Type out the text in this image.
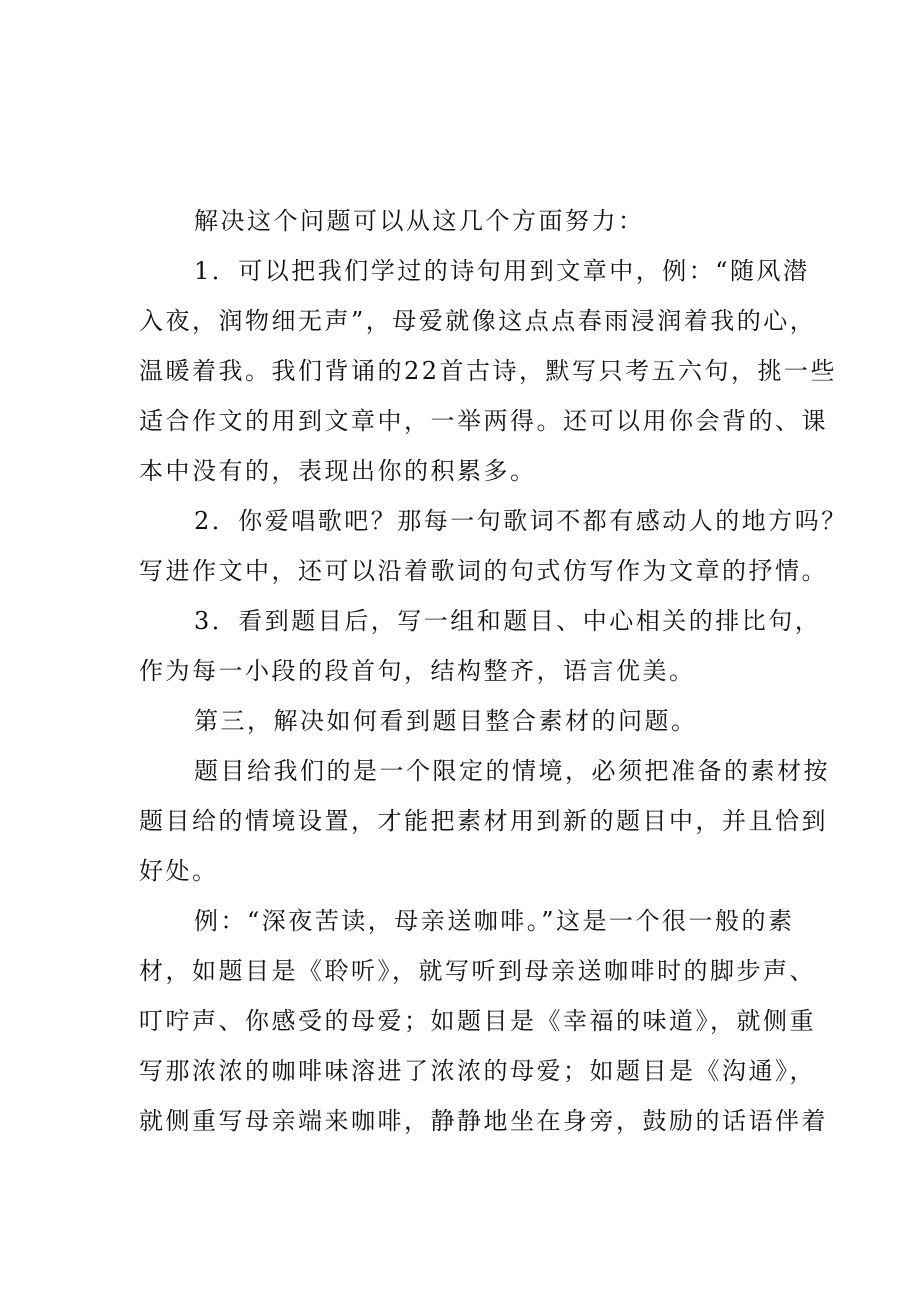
解决这个问题可以从这几个方面努力：

1．可以把我们学过的诗句用到文章中，例：“随风潜
入夜，润物细无声”，母爱就像这点点春雨浸润着我的心，
温暖着我。我们背诵的22首古诗，默写只考五六句，挑一些
适合作文的用到文章中，一举两得。还可以用你会背的、课
本中没有的，表现出你的积累多。

2．你爱唱歌吧？那每一句歌词不都有感动人的地方吗？
写进作文中，还可以沿着歌词的句式仿写作为文章的抒情。

3．看到题目后，写一组和题目、中心相关的排比句，
作为每一小段的段首句，结构整齐，语言优美。

第三，解决如何看到题目整合素材的问题。

题目给我们的是一个限定的情境，必须把准备的素材按
题目给的情境设置，才能把素材用到新的题目中，并且恰到
好处。

例：“深夜苦读，母亲送咖啡。”这是一个很一般的素
材，如题目是《聆听》，就写听到母亲送咖啡时的脚步声、
叮咛声、你感受的母爱；如题目是《幸福的味道》，就侧重
写那浓浓的咖啡味溶进了浓浓的母爱；如题目是《沟通》，
就侧重写母亲端来咖啡，静静地坐在身旁，鼓励的话语伴着
